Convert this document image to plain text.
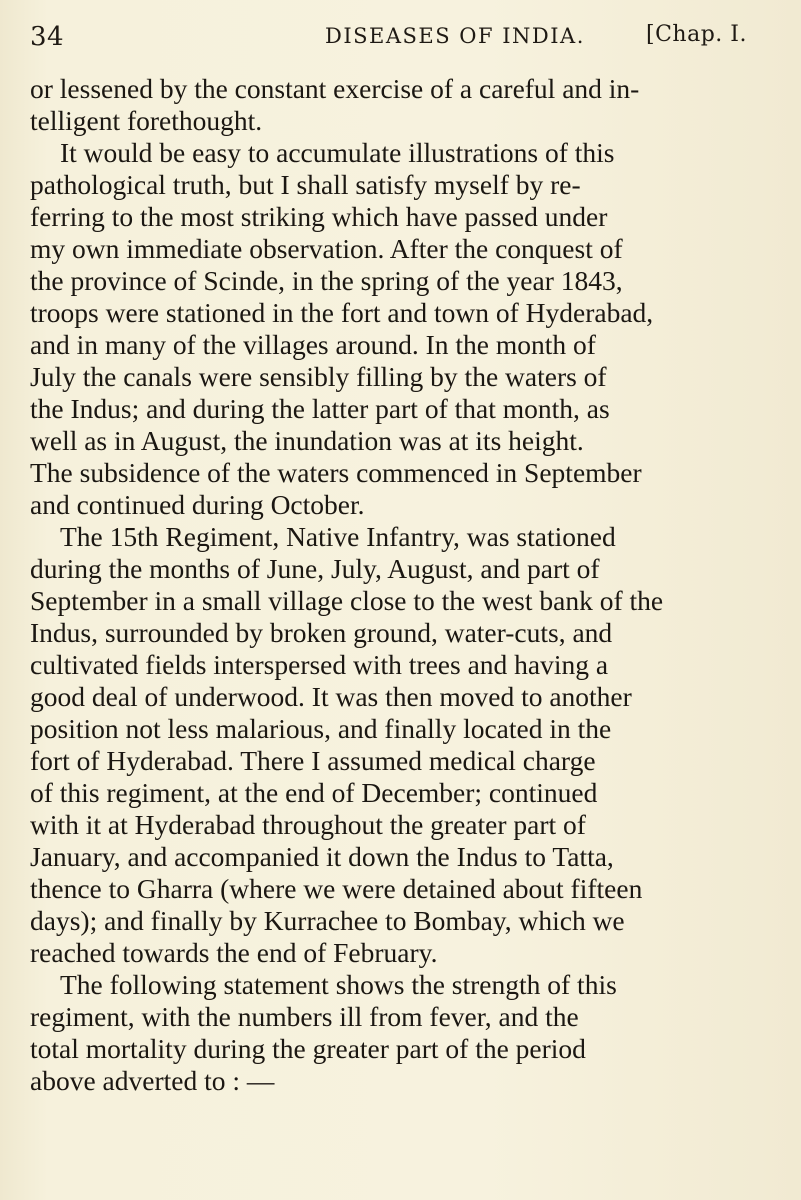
34	DISEASES OF INDIA.	[Chap. I.
or lessened by the constant exercise of a careful and in-
telligent forethought.
It would be easy to accumulate illustrations of this
pathological truth, but I shall satisfy myself by re-
ferring to the most striking which have passed under
my own immediate observation. After the conquest of
the province of Scinde, in the spring of the year 1843,
troops were stationed in the fort and town of Hyderabad,
and in many of the villages around. In the month of
July the canals were sensibly filling by the waters of
the Indus; and during the latter part of that month, as
well as in August, the inundation was at its height.
The subsidence of the waters commenced in September
and continued during October.
The 15th Regiment, Native Infantry, was stationed
during the months of June, July, August, and part of
September in a small village close to the west bank of the
Indus, surrounded by broken ground, water-cuts, and
cultivated fields interspersed with trees and having a
good deal of underwood. It was then moved to another
position not less malarious, and finally located in the
fort of Hyderabad. There I assumed medical charge
of this regiment, at the end of December; continued
with it at Hyderabad throughout the greater part of
January, and accompanied it down the Indus to Tatta,
thence to Gharra (where we were detained about fifteen
days); and finally by Kurrachee to Bombay, which we
reached towards the end of February.
The following statement shows the strength of this
regiment, with the numbers ill from fever, and the
total mortality during the greater part of the period
above adverted to : —
